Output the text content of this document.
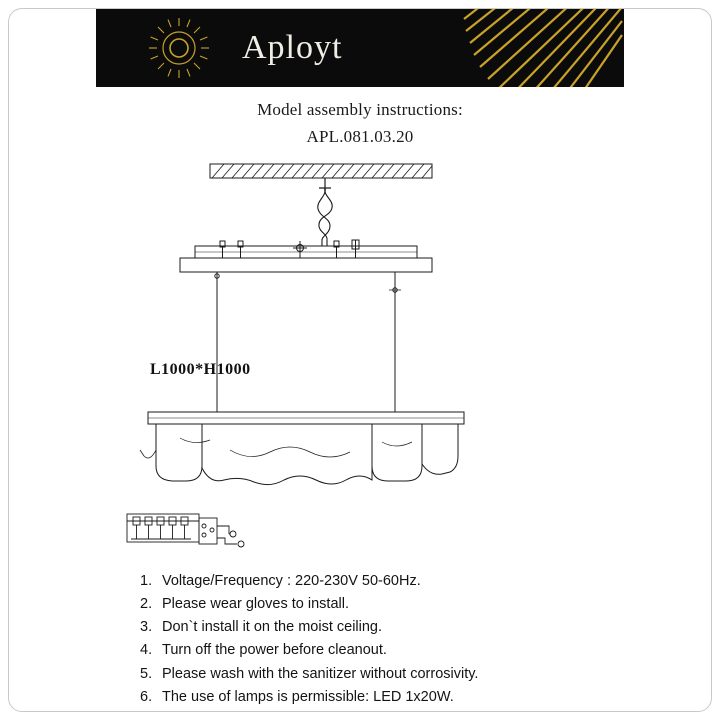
Aployt
Model assembly instructions:
APL.081.03.20
L1000*H1000
1. Voltage/Frequency : 220-230V 50-60Hz.
2. Please wear gloves to install.
3. Don`t install it on the moist ceiling.
4. Turn off the power before cleanout.
5. Please wash with the sanitizer without corrosivity.
6. The use of lamps is permissible: LED 1x20W.
